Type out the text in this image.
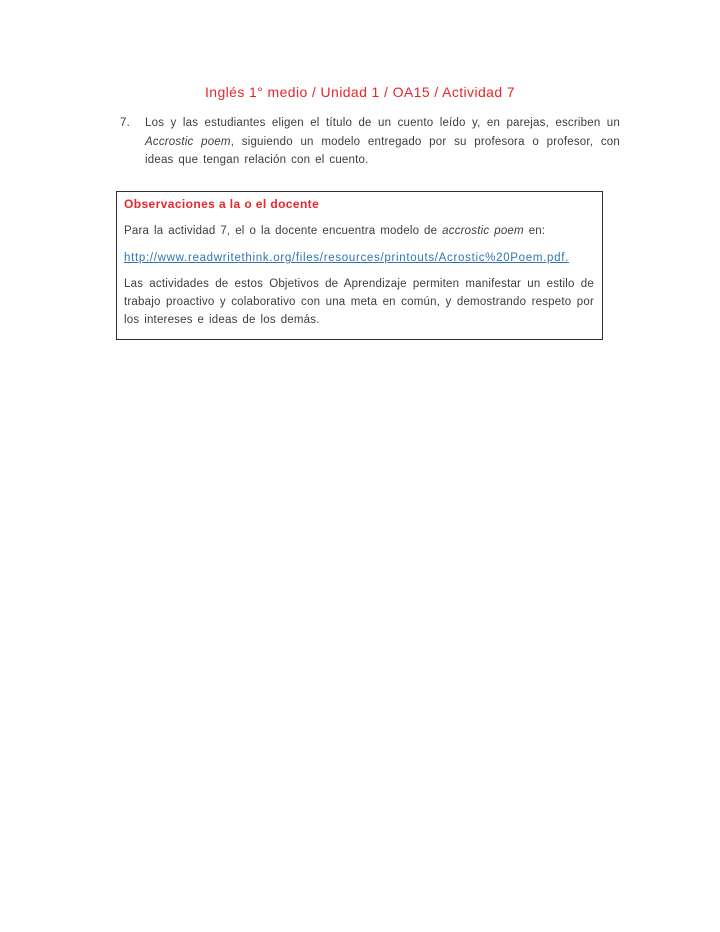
Inglés 1° medio / Unidad 1 / OA15 / Actividad 7
7.	Los y las estudiantes eligen el título de un cuento leído y, en parejas, escriben un Accrostic poem, siguiendo un modelo entregado por su profesora o profesor, con ideas que tengan relación con el cuento.
Observaciones a la o el docente
Para la actividad 7, el o la docente encuentra modelo de accrostic poem en:
http://www.readwritethink.org/files/resources/printouts/Acrostic%20Poem.pdf.
Las actividades de estos Objetivos de Aprendizaje permiten manifestar un estilo de trabajo proactivo y colaborativo con una meta en común, y demostrando respeto por los intereses e ideas de los demás.
